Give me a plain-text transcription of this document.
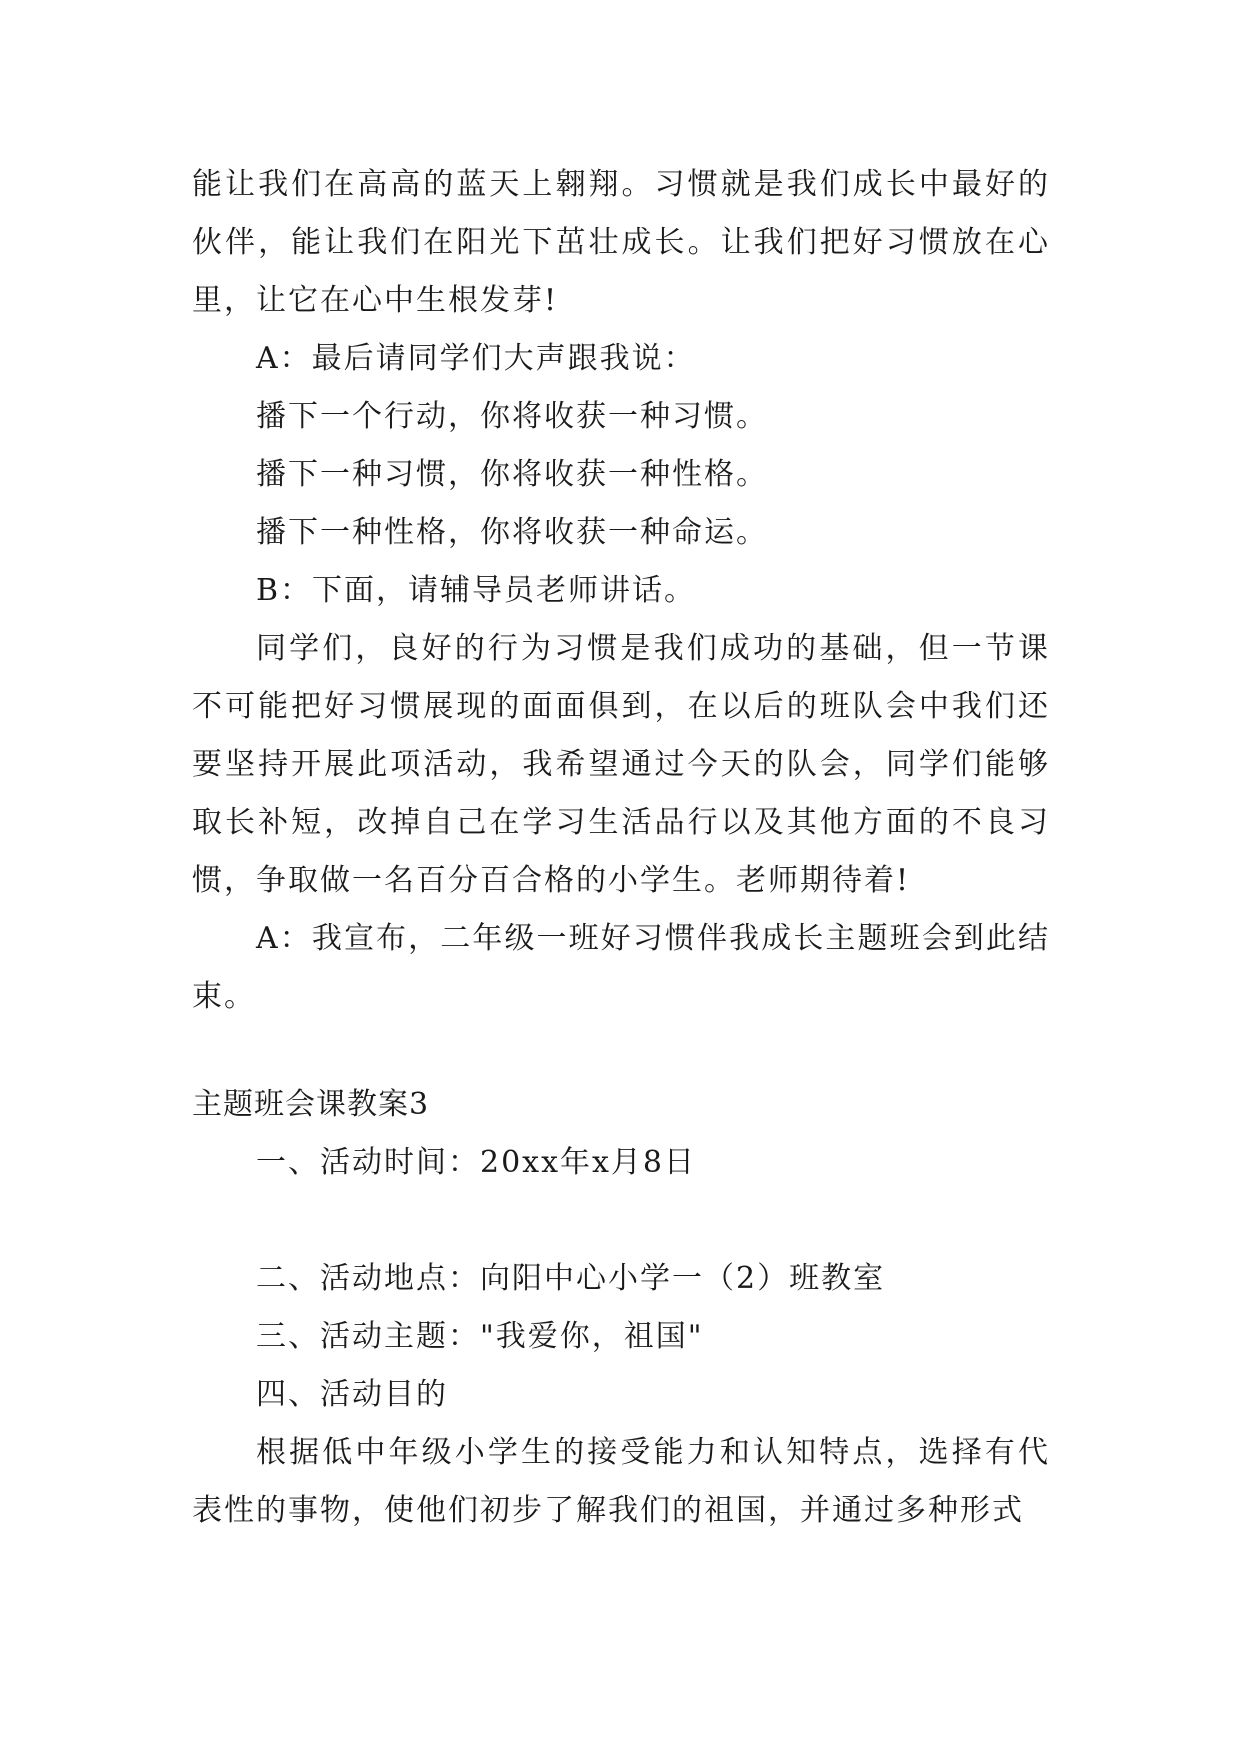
能让我们在高高的蓝天上翱翔。习惯就是我们成长中最好的伙伴，能让我们在阳光下茁壮成长。让我们把好习惯放在心里，让它在心中生根发芽!

A：最后请同学们大声跟我说：

播下一个行动，你将收获一种习惯。

播下一种习惯，你将收获一种性格。

播下一种性格，你将收获一种命运。

B：下面，请辅导员老师讲话。

同学们，良好的行为习惯是我们成功的基础，但一节课不可能把好习惯展现的面面俱到，在以后的班队会中我们还要坚持开展此项活动，我希望通过今天的队会，同学们能够取长补短，改掉自己在学习生活品行以及其他方面的不良习惯，争取做一名百分百合格的小学生。老师期待着!

A：我宣布，二年级一班好习惯伴我成长主题班会到此结束。

主题班会课教案3

一、活动时间：20xx年x月8日

二、活动地点：向阳中心小学一（2）班教室

三、活动主题："我爱你，祖国"

四、活动目的

根据低中年级小学生的接受能力和认知特点，选择有代表性的事物，使他们初步了解我们的祖国，并通过多种形式
